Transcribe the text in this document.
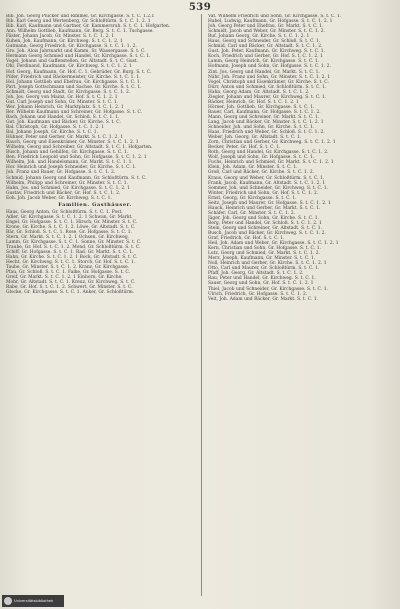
539

Bib. Joh. Georg Plücker und Rimmel, Gr. Kirchgasse. S. t. C. 1.2.1

Bib. Karl Georg und Wertenberg, Gr. Schloßtürm. S. t. C. 1. 2. 1

Bib. Karl, Kaufmann und Gartner, Gr. Kammersrub. S. t. C. 1. Hofgarten.

Ann. Wilhelm Gottlieb, Kaufmann, Gr. Berg. S. t. C. 1. Tuchgasse.

Fäster, Johann Jacob, Gr. Minster. S. t. C. 1. 2. 1

Kuhen, Joh. Kaufmann, Gr. Kirchweg. S. t. C. 1. 2. 1

Gutmann, Georg Friedrich, Gr. Kirchgasse. S. t. C. 1. 1. 2.

Gro. Joh. Alois Jahrmarkt und Kamm, Sr. Wassergasse. S. t. C.

Hermann Georg Schmied und Handel, Gr. Kirchgasse. S. t. C. 1.

Vogel, Johann und Gaffenstellen, Gr. Altstadt. S. t. C. Gust.

Ohl, Ferdinand, Kaufmann, Gr. Kirchweg. S. t. C. 1. 2. 1

Hof. Georg, Kaufmann, Gr. Hof. C. 1. Gebrüder, Gr. Burg. S. t. C.

Püfer, Friedrich und Bäckermeister, Gr. Kirche. S. t. C. 1. 1.

Hol. Johann Gottlieb und Ehefrau, Gr. Kirchgasse. S. t. C. 1.

Part. Joseph Gottschmann und Sachse. Gr. Kirche. S. t. C. 1.

Schmidt, Georg und Stadt, Gr. Kirchgasse. S. t. C. 1. 2.

Joh. Jos. Georg von Mainz, Gr. Hof. S. t. C. 1. 2. 1

Gut. Carl Joseph und Sohn, Gr. Minster. S. t. C. 1.

Wer. Johann Heinrich, Gr. Marktplatz. S. t. C. 1. 2. 1

Ber. Wilhelm Kaufmann und Schreiner, Gr. Hofgasse. S. t. C.

Bach, Johann und Handel, Gr. Schloß. S. t. C. 1. 1.

Gut. Joh. Kaufmann und Bäcker, Gr. Kirche. S. t. C.

Bal. Christoph, Gr. Hofgasse. S. t. C. 1. 2. 1

Bal. Johann Joseph, Gr. Kirche. S. t. C. 1.

Hühner, Peter und Gerber, Gr. Markt. S. t. C. 1. 2. 1

Bauch, Georg und Eisenkrämer, Gr. Minster. S. t. C. 1. 2. 1

Wilhelm, Georg und Schreiber, Gr. Altstadt. S. t. C. 1. Hofgarten.

Büsch, Johann und Gehilfen, Gr. Kirchgasse. S. t. C. 1.

Ben. Friedrich Leopold und Sohn, Gr. Hofgasse. S. t. C. 1. 2. 1

Wilhelm, Joh. und Handelsmann, Gr. Markt. S. t. C. 1. 1.

Hor. Heinrich und Joseph Schneider, Gr. Kirche. S. t. C. 1.

Joh. Franz und Bauer, Gr. Hofgasse. S. t. C. 1. 2.

Schmid, Johann Georg und Kaufmann, Gr. Schloßtürm. S. t. C.

Wilhelm, Philipp und Schreiner, Gr. Minster. S. t. C. 1.

Hahn, Jos. und Schmied, Gr. Kirchgasse. S. t. C. 1. 2. 1

Gustav, Friedrich und Bäcker, Gr. Hof. S. t. C. 1. 2.

Eoh. Joh. Jacob Weber, Gr. Kirchweg. S. t. C. 1.

Familien. Gasthäuser.

Haus, Georg Anton, Gr. Schloßtürm. S. t. C. 1. Post.

Adler, Gr. Kirchgasse. S. t. C. 1. 2. 1 Schwan, Gr. Markt.

Engel, Gr. Hofgasse. S. t. C. 1. Hirsch, Gr. Minster. S. t. C.

Krone, Gr. Kirche. S. t. C. 1. 2. Löwe, Gr. Altstadt. S. t. C.

Bär, Gr. Schloß. S. t. C. 1. Rose, Gr. Hofgasse. S. t. C. 1.

Stern, Gr. Markt. S. t. C. 1. 2. 1 Ochsen, Gr. Kirchweg.

Lamm, Gr. Kirchgasse. S. t. C. 1. Sonne, Gr. Minster. S. t. C.

Traube, Gr. Hof. S. t. C. 1. 2. Mond, Gr. Schloßtürm. S. t. C.

Schiff, Gr. Hofgasse. S. t. C. 1. Rad, Gr. Markt. S. t. C. 1.

Hahn, Gr. Kirche. S. t. C. 1. 2. 1 Bock, Gr. Altstadt. S. t. C.

Hecht, Gr. Kirchweg. S. t. C. 1. Storch, Gr. Hof. S. t. C. 1.

Taube, Gr. Minster. S. t. C. 1. 2. Kranz, Gr. Kirchgasse.

Pfau, Gr. Schloß. S. t. C. 1. Falke, Gr. Hofgasse. S. t. C.

Greif, Gr. Markt. S. t. C. 1. 2. 1 Einhorn, Gr. Kirche.

Mohr, Gr. Altstadt. S. t. C. 1. Kreuz, Gr. Kirchweg. S. t. C.

Rabe, Gr. Hof. S. t. C. 1. 2. Schwert, Gr. Minster. S. t. C.

Glocke, Gr. Kirchgasse. S. t. C. 1. Anker, Gr. Schloßtürm.

Vat. Wilhelm Friedrich und Sohn, Gr. Kirchgasse. S. t. C. 1.

Habel, Ludwig, Kaufmann, Gr. Hofgasse. S. t. C. 1. 2. 1

Joh. Georg Peter und Ehefrau, Gr. Markt. S. t. C. 1.

Schmidt, Jacob und Weber, Gr. Minster. S. t. C. 1. 2.

Ruf, Johann Georg, Gr. Kirche. S. t. C. 1. 2. 1

Haus, Georg und Schneider, Gr. Schloß. S. t. C. 1.

Schmid, Carl und Bäcker, Gr. Altstadt. S. t. C. 1. 2.

Gust. Joh. Peter, Kaufmann, Gr. Kirchweg. S. t. C. 1.

Koch, Friedrich und Gerber, Gr. Hof. S. t. C. 1. 2. 1

Lamm, Georg Heinrich, Gr. Kirchgasse. S. t. C. 1.

Hofmann, Joseph und Sohn, Gr. Hofgasse. S. t. C. 1. 2.

Zint. Jos. Georg und Handel, Gr. Markt. S. t. C. 1.

Nähr. Joh. Franz und Sohn, Gr. Minster. S. t. C. 1. 2. 1

Vogel, Christoph und Eisenkrämer, Gr. Kirche. S. t. C.

Dürr, Anton und Schmied, Gr. Schloßtürm. S. t. C. 1.

Hahn, Georg Adam, Gr. Altstadt. S. t. C. 1. 2.

Ziegler, Johann und Maurer, Gr. Kirchweg. S. t. C. 1.

Bäcker, Heinrich, Gr. Hof. S. t. C. 1. 2. 1

Hörner, Joh. Gottlieb, Gr. Kirchgasse. S. t. C. 1.

Bauer, Carl, Kaufmann, Gr. Hofgasse. S. t. C. 1. 2.

Mann, Georg und Schreiner, Gr. Markt. S. t. C. 1.

Lang, Jacob und Bäcker, Gr. Minster. S. t. C. 1. 2. 1

Schneider, Joh. und Sohn, Gr. Kirche. S. t. C. 1.

Haas, Friedrich und Weber, Gr. Schloß. S. t. C. 1. 2.

Weber, Joh. Georg, Gr. Altstadt. S. t. C. 1.

Zorn, Christian und Gerber, Gr. Kirchweg. S. t. C. 1. 2. 1

Becker, Peter, Gr. Hof. S. t. C. 1.

Roth, Georg und Handel, Gr. Kirchgasse. S. t. C. 1. 2.

Wolf, Joseph und Sohn, Gr. Hofgasse. S. t. C. 1.

Fuchs, Heinrich und Schmied, Gr. Markt. S. t. C. 1. 2. 1

Klein, Joh. Adam, Gr. Minster. S. t. C. 1.

Groß, Carl und Bäcker, Gr. Kirche. S. t. C. 1. 2.

Kraus, Georg und Weber, Gr. Schloßtürm. S. t. C. 1.

Frank, Jacob, Kaufmann, Gr. Altstadt. S. t. C. 1. 2. 1

Sommer, Joh. und Schneider, Gr. Kirchweg. S. t. C. 1.

Winter, Friedrich und Sohn, Gr. Hof. S. t. C. 1. 2.

Ernst, Georg, Gr. Kirchgasse. S. t. C. 1.

Seitz, Joseph und Maurer, Gr. Hofgasse. S. t. C. 1. 2. 1

Hauck, Heinrich und Gerber, Gr. Markt. S. t. C. 1.

Schäfer, Carl, Gr. Minster. S. t. C. 1. 2.

Jäger, Joh. Georg und Sohn, Gr. Kirche. S. t. C. 1.

Berg, Peter und Handel, Gr. Schloß. S. t. C. 1. 2. 1

Stein, Georg und Schreiner, Gr. Altstadt. S. t. C. 1.

Busch, Jacob und Bäcker, Gr. Kirchweg. S. t. C. 1. 2.

Graf, Friedrich, Gr. Hof. S. t. C. 1.

Heil, Joh. Adam und Weber, Gr. Kirchgasse. S. t. C. 1. 2. 1

Kern, Christian und Sohn, Gr. Hofgasse. S. t. C. 1.

Lutz, Georg und Schmied, Gr. Markt. S. t. C. 1. 2.

Merz, Joseph, Kaufmann, Gr. Minster. S. t. C. 1.

Noll, Heinrich und Gerber, Gr. Kirche. S. t. C. 1. 2. 1

Otto, Carl und Maurer, Gr. Schloßtürm. S. t. C. 1.

Pfaff, Joh. Georg, Gr. Altstadt. S. t. C. 1. 2.

Rau, Peter und Handel, Gr. Kirchweg. S. t. C. 1.

Sauer, Georg und Sohn, Gr. Hof. S. t. C. 1. 2. 1

Thiel, Jacob und Schneider, Gr. Kirchgasse. S. t. C. 1.

Ulrich, Friedrich, Gr. Hofgasse. S. t. C. 1. 2.

Veit, Joh. Adam und Bäcker, Gr. Markt. S. t. C. 1.

Universitätsbibliothek
